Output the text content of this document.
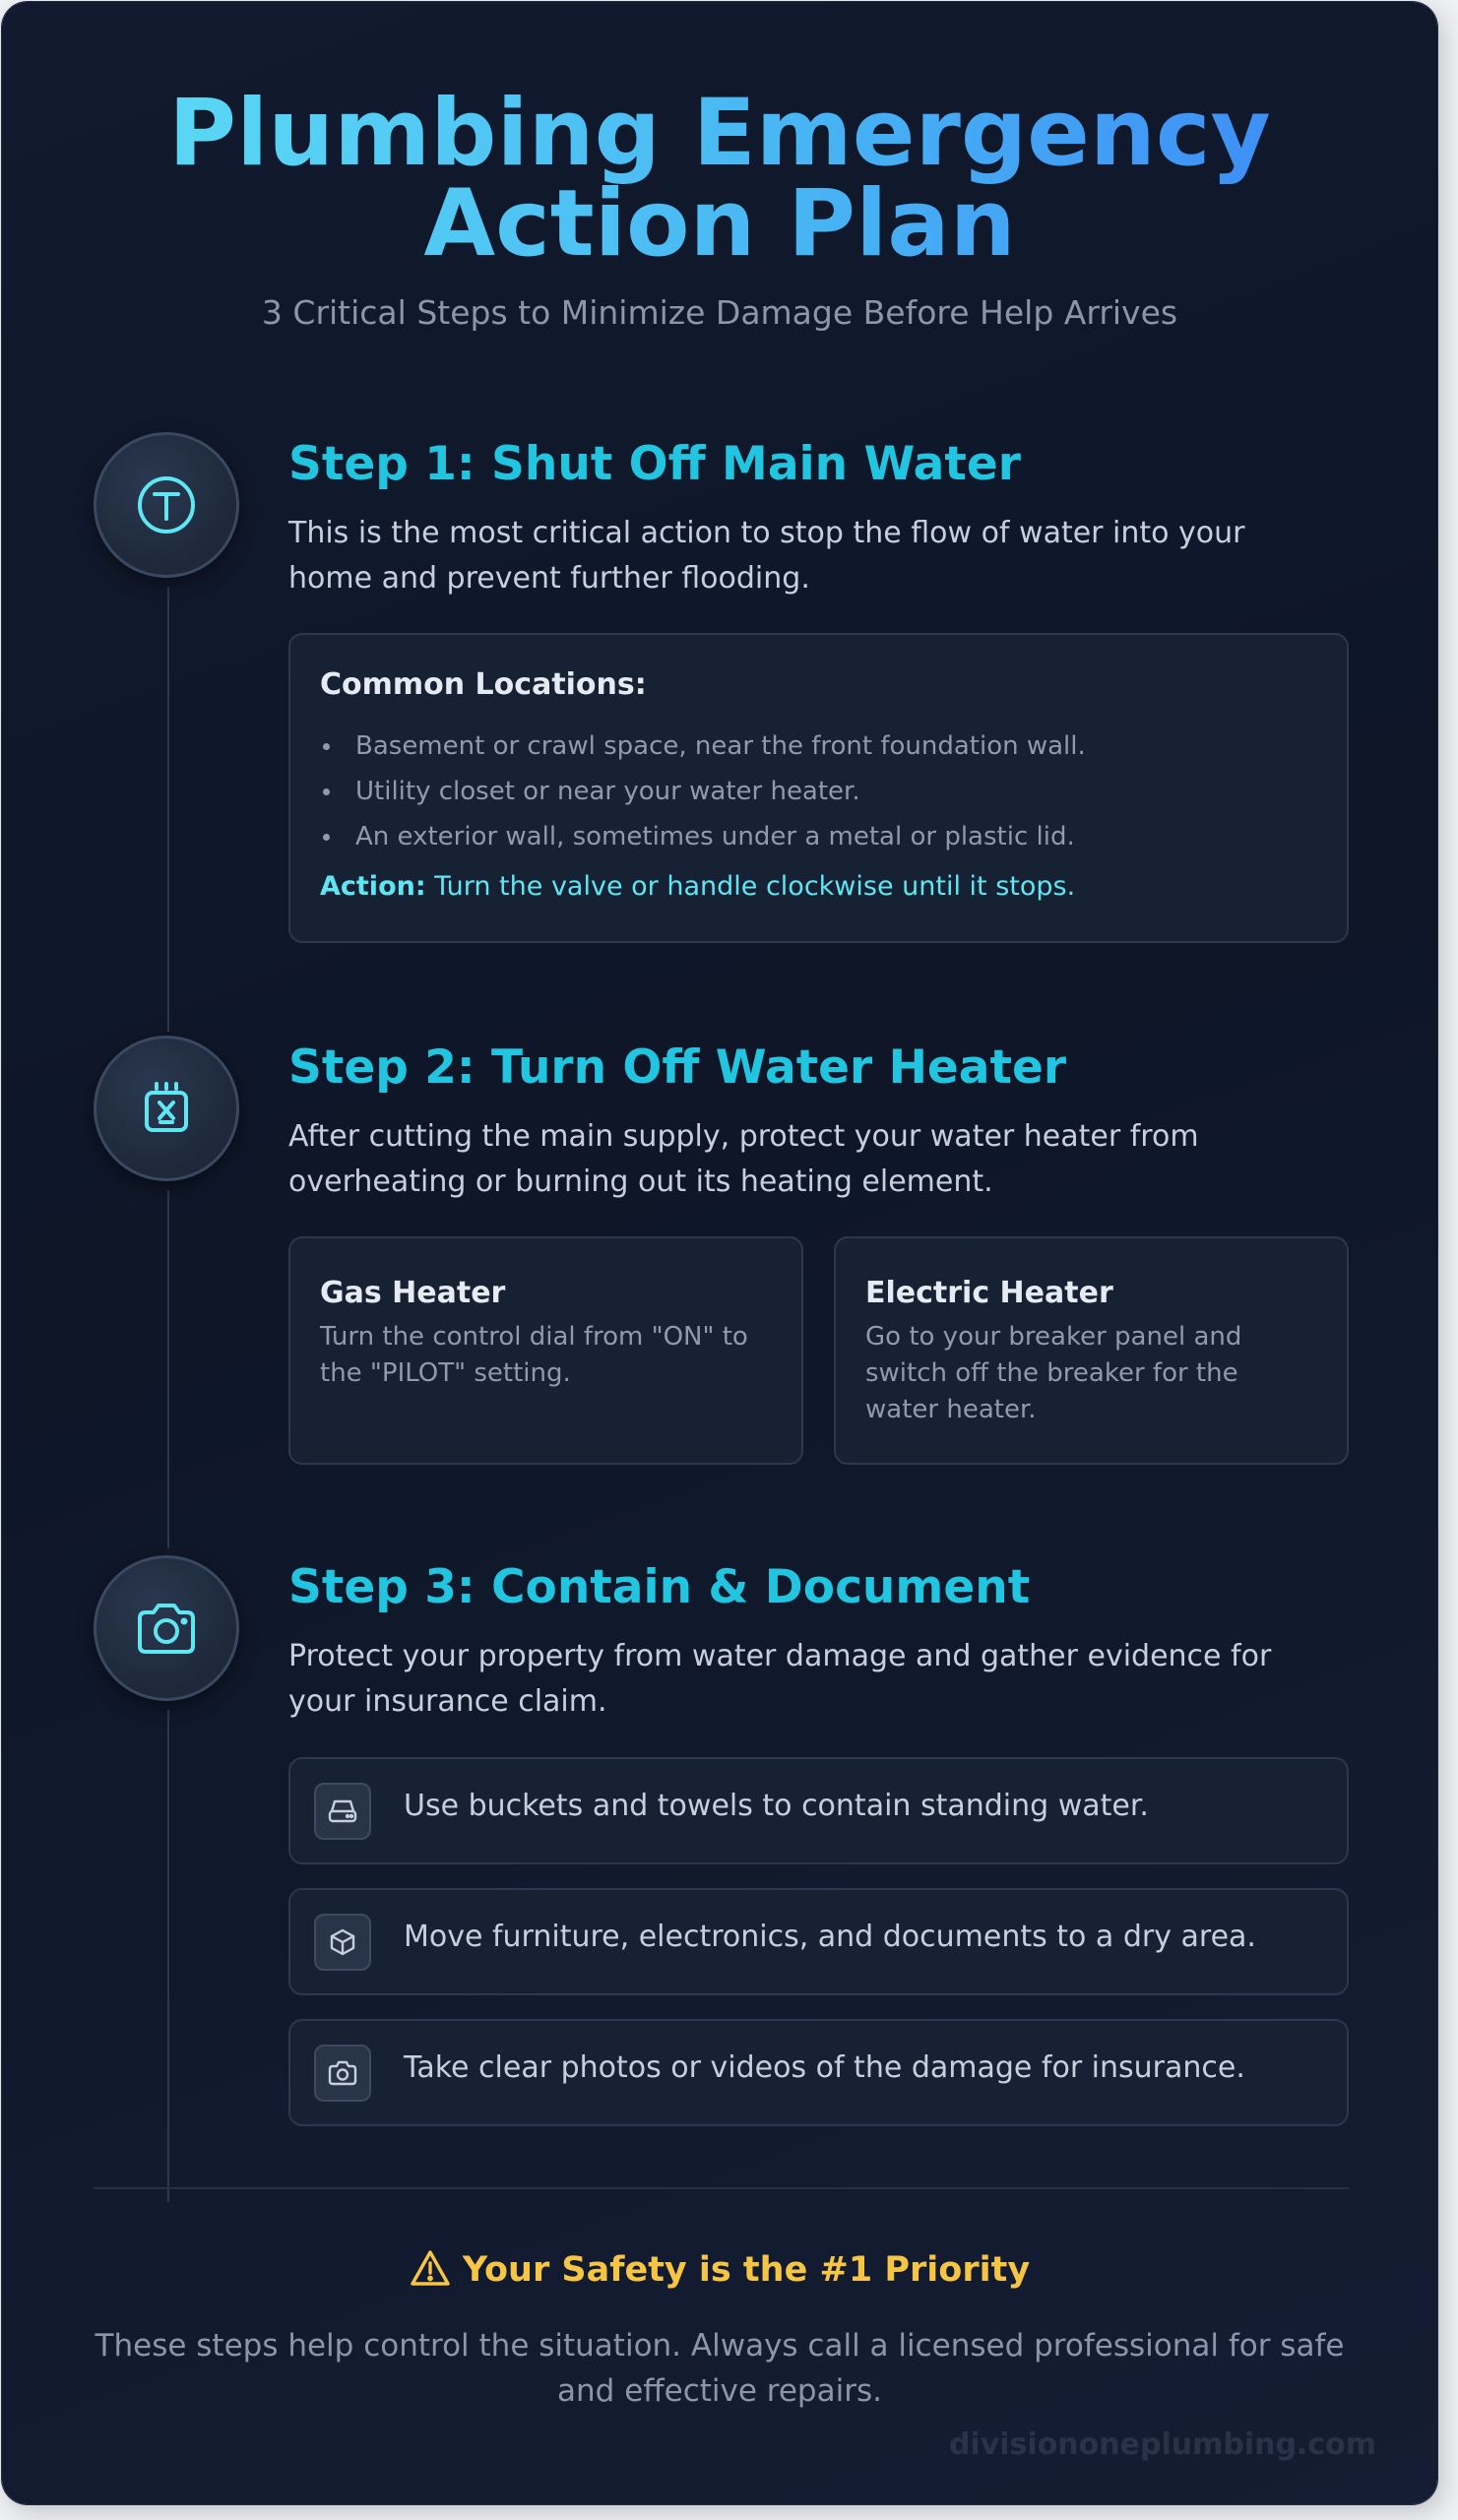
Plumbing Emergency
Action Plan
3 Critical Steps to Minimize Damage Before Help Arrives
Step 1: Shut Off Main Water
This is the most critical action to stop the flow of water into your home and prevent further flooding.
Common Locations:
Basement or crawl space, near the front foundation wall.
Utility closet or near your water heater.
An exterior wall, sometimes under a metal or plastic lid.
Action: Turn the valve or handle clockwise until it stops.
Step 2: Turn Off Water Heater
After cutting the main supply, protect your water heater from overheating or burning out its heating element.
Gas Heater
Turn the control dial from "ON" to the "PILOT" setting.
Electric Heater
Go to your breaker panel and switch off the breaker for the water heater.
Step 3: Contain & Document
Protect your property from water damage and gather evidence for your insurance claim.
Use buckets and towels to contain standing water.
Move furniture, electronics, and documents to a dry area.
Take clear photos or videos of the damage for insurance.
Your Safety is the #1 Priority
These steps help control the situation. Always call a licensed professional for safe and effective repairs.
divisiononeplumbing.com
